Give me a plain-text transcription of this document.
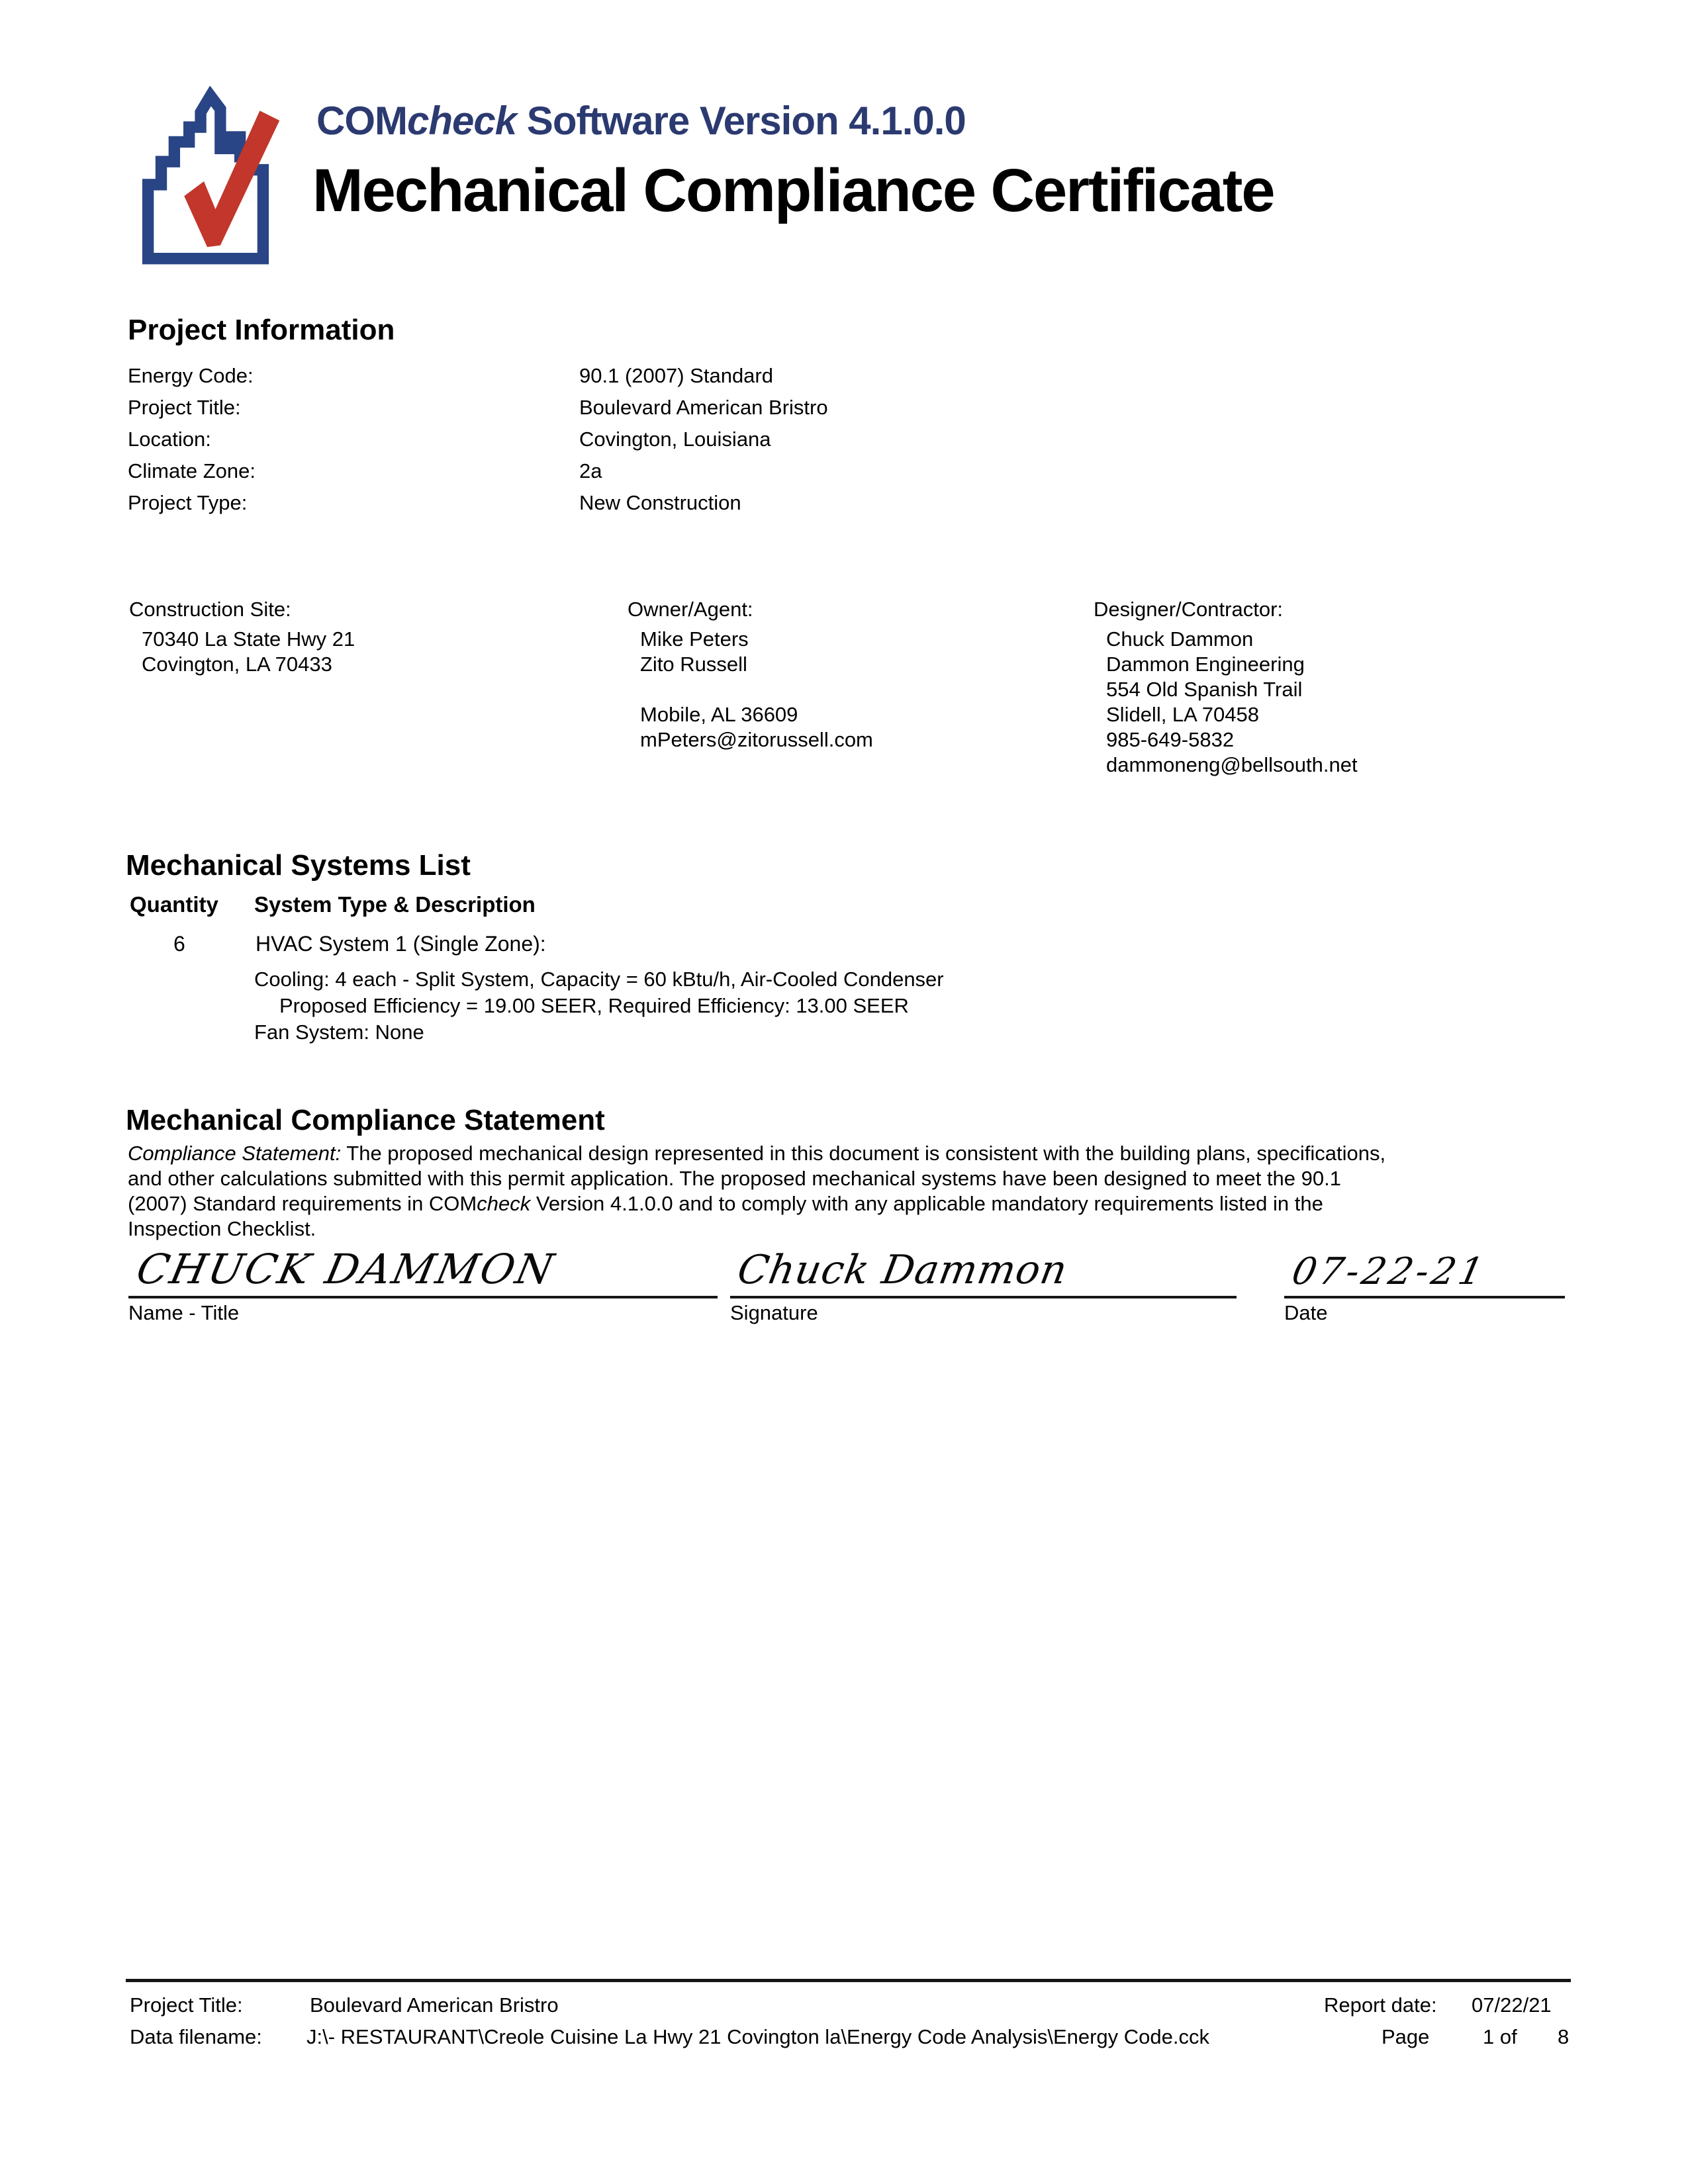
COMcheck Software Version 4.1.0.0
Mechanical Compliance Certificate
Project Information
Energy Code:	90.1 (2007) Standard
Project Title:	Boulevard American Bristro
Location:	Covington, Louisiana
Climate Zone:	2a
Project Type:	New Construction
Construction Site:
70340 La State Hwy 21
Covington, LA 70433
Owner/Agent:
Mike Peters
Zito Russell
Mobile, AL 36609
mPeters@zitorussell.com
Designer/Contractor:
Chuck Dammon
Dammon Engineering
554 Old Spanish Trail
Slidell, LA 70458
985-649-5832
dammoneng@bellsouth.net
Mechanical Systems List
Quantity System Type & Description
6	HVAC System 1 (Single Zone):
Cooling: 4 each - Split System, Capacity = 60 kBtu/h, Air-Cooled Condenser
Proposed Efficiency = 19.00 SEER, Required Efficiency: 13.00 SEER
Fan System: None
Mechanical Compliance Statement
Compliance Statement: The proposed mechanical design represented in this document is consistent with the building plans, specifications, and other calculations submitted with this permit application. The proposed mechanical systems have been designed to meet the 90.1 (2007) Standard requirements in COMcheck Version 4.1.0.0 and to comply with any applicable mandatory requirements listed in the Inspection Checklist.
CHUCK DAMMON
Name - Title
Chuck Dammon
Signature
07-22-21
Date
Project Title:	Boulevard American Bristro	Report date: 07/22/21
Data filename: J:\- RESTAURANT\Creole Cuisine La Hwy 21 Covington la\Energy Code Analysis\Energy Code.cck	Page	1 of 8
